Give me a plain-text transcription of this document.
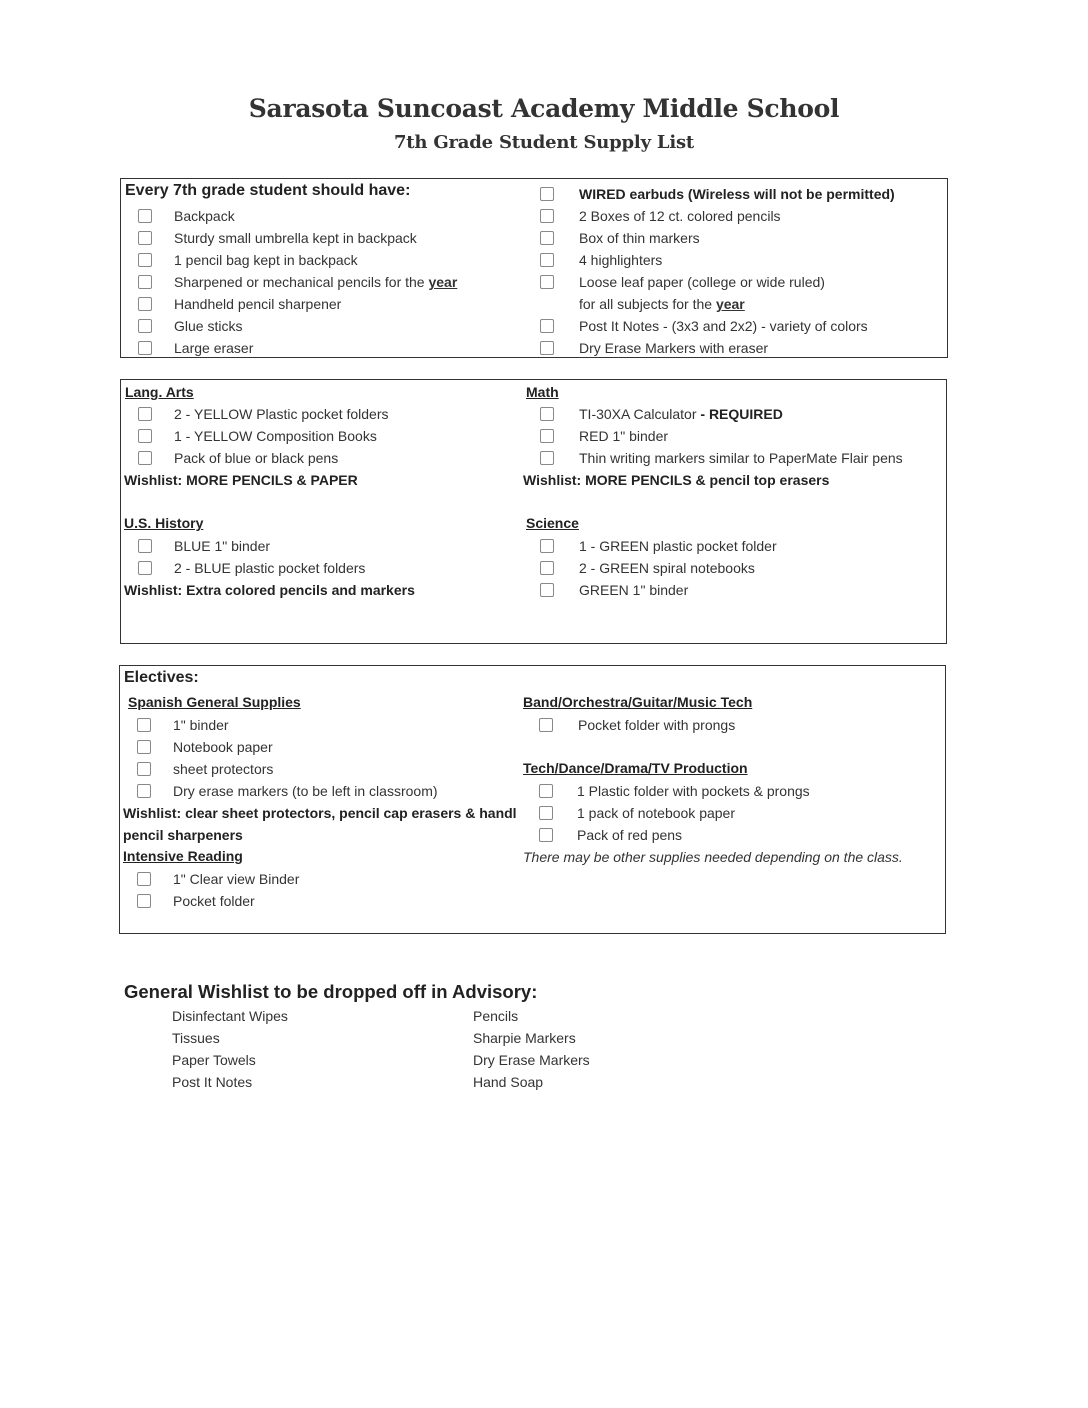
Sarasota Suncoast Academy Middle School
7th Grade Student Supply List
Every 7th grade student should have:
Backpack
Sturdy small umbrella kept in backpack
1 pencil bag kept in backpack
Sharpened or mechanical pencils for the year
Handheld pencil sharpener
Glue sticks
Large eraser
WIRED earbuds (Wireless will not be permitted)
2 Boxes of 12 ct. colored pencils
Box of thin markers
4 highlighters
Loose leaf paper (college or wide ruled)
for all subjects for the year
Post It Notes - (3x3 and 2x2) - variety of colors
Dry Erase Markers with eraser
Lang. Arts
2 - YELLOW Plastic pocket folders
1 - YELLOW Composition Books
Pack of blue or black pens
Wishlist: MORE PENCILS & PAPER
Math
TI-30XA Calculator - REQUIRED
RED 1" binder
Thin writing markers similar to PaperMate Flair pens
Wishlist: MORE PENCILS & pencil top erasers
U.S. History
BLUE 1" binder
2 - BLUE plastic pocket folders
Wishlist: Extra colored pencils and markers
Science
1 - GREEN plastic pocket folder
2 - GREEN spiral notebooks
GREEN 1" binder
Electives:
Spanish General Supplies
1" binder
Notebook paper
sheet protectors
Dry erase markers (to be left in classroom)
Wishlist: clear sheet protectors, pencil cap erasers & handl
pencil sharpeners
Intensive Reading
1" Clear view Binder
Pocket folder
Band/Orchestra/Guitar/Music Tech
Pocket folder with prongs
Tech/Dance/Drama/TV Production
1 Plastic folder with pockets & prongs
1 pack of notebook paper
Pack of red pens
There may be other supplies needed depending on the class.
General Wishlist to be dropped off in Advisory:
Disinfectant Wipes
Tissues
Paper Towels
Post It Notes
Pencils
Sharpie Markers
Dry Erase Markers
Hand Soap
